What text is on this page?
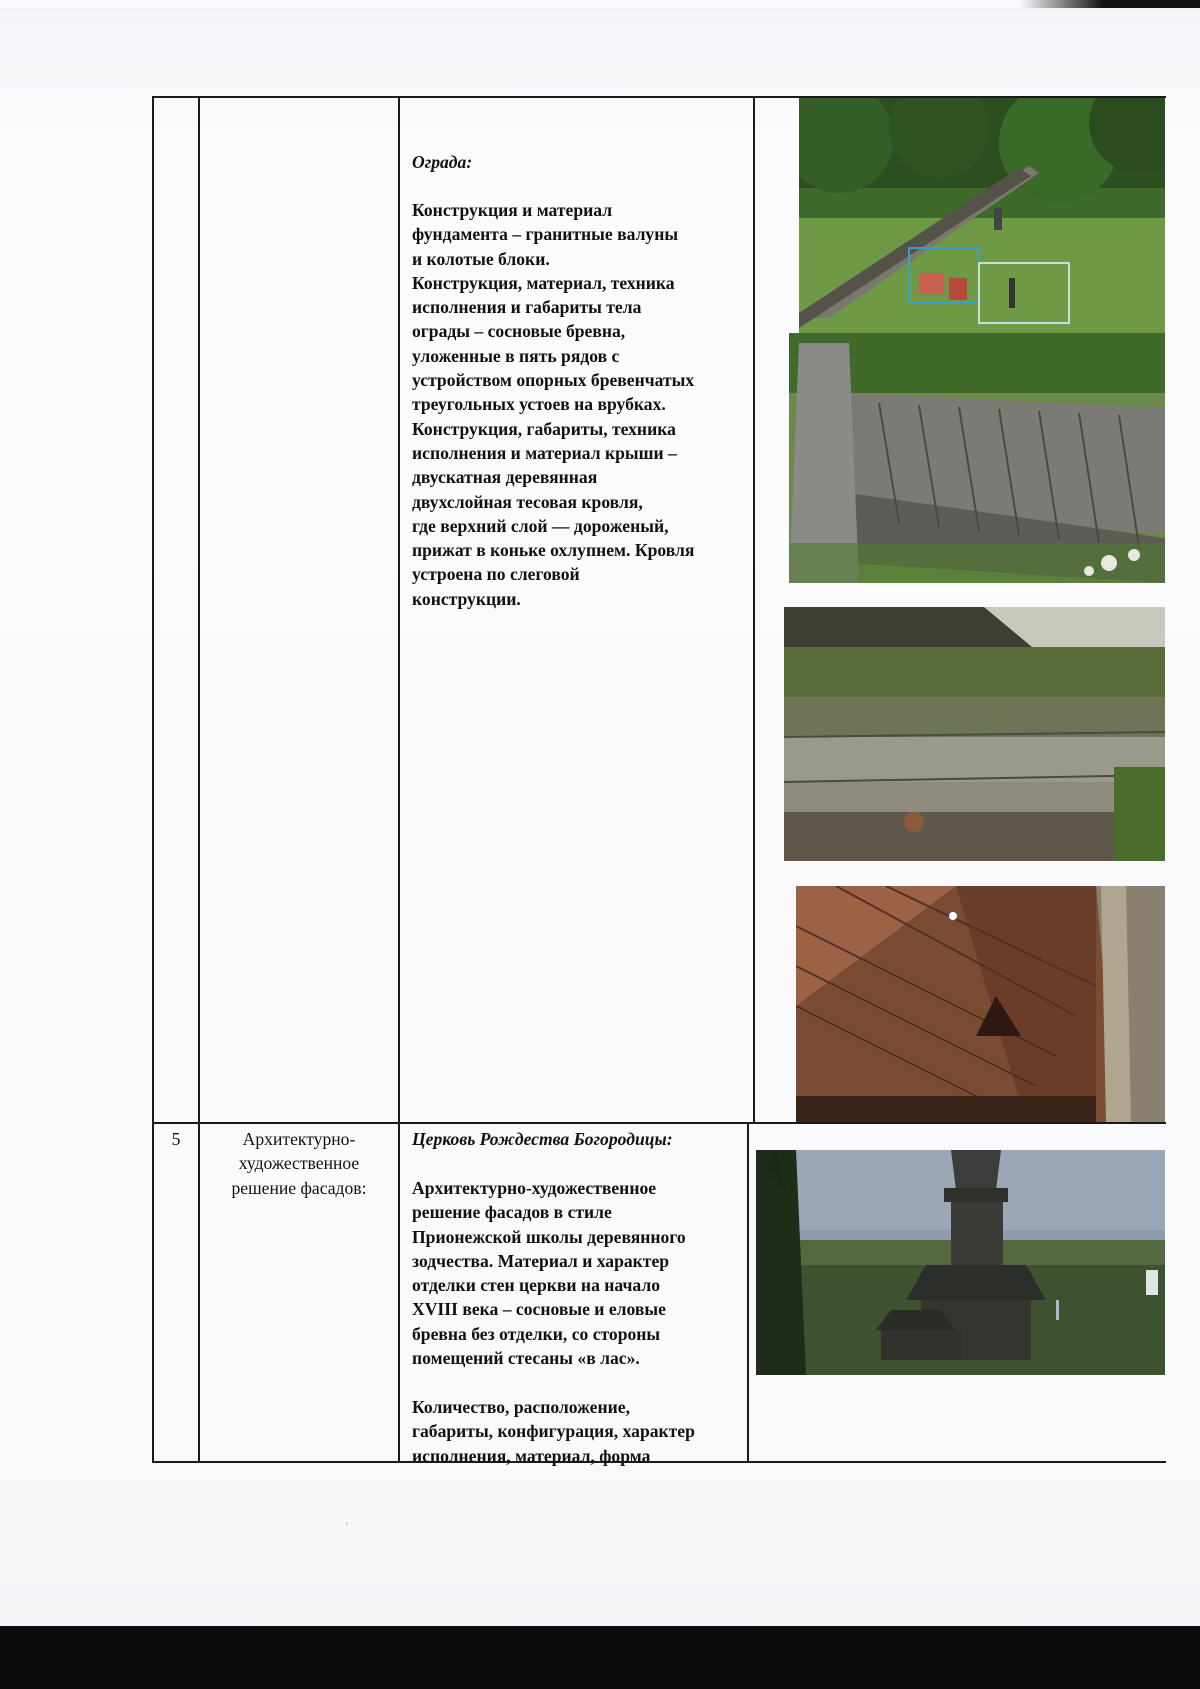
Ограда:
Конструкция и материал
фундамента – гранитные валуны
и колотые блоки.
Конструкция, материал, техника
исполнения и габариты тела
ограды – сосновые бревна,
уложенные в пять рядов с
устройством опорных бревенчатых
треугольных устоев на врубках.
Конструкция, габариты, техника
исполнения и материал крыши –
двускатная деревянная
двухслойная тесовая кровля,
где верхний слой — дороженый,
прижат в коньке охлупнем. Кровля
устроена по слеговой
конструкции.
5	Архитектурно-
художественное
решение фасадов:
Церковь Рождества Богородицы:
Архитектурно-художественное
решение фасадов в стиле
Прионежской школы деревянного
зодчества. Материал и характер
отделки стен церкви на начало
XVIII века – сосновые и еловые
бревна без отделки, со стороны
помещений стесаны «в лас».
Количество, расположение,
габариты, конфигурация, характер
исполнения, материал, форма
